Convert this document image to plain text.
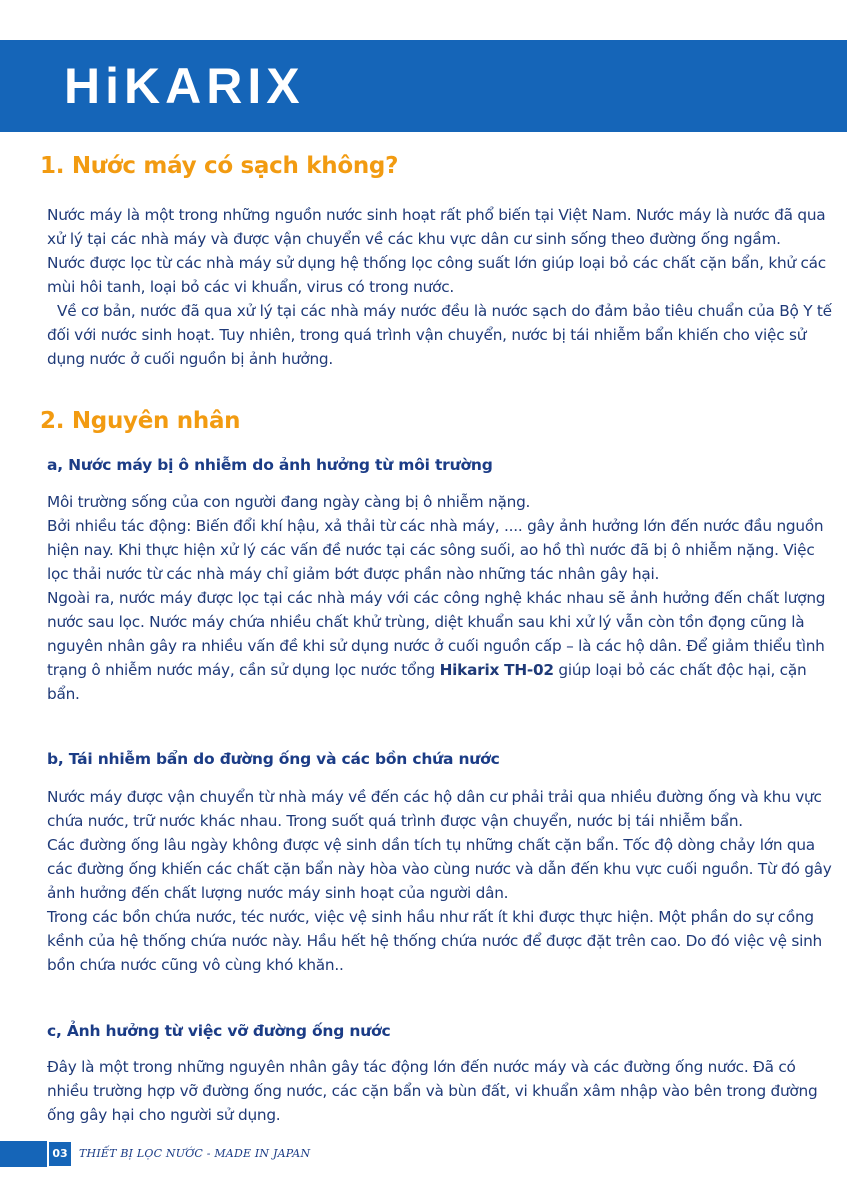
HiKARIX
1. Nước máy có sạch không?

Nước máy là một trong những nguồn nước sinh hoạt rất phổ biến tại Việt Nam. Nước máy là nước đã qua xử lý tại các nhà máy và được vận chuyển về các khu vực dân cư sinh sống theo đường ống ngầm.

Nước được lọc từ các nhà máy sử dụng hệ thống lọc công suất lớn giúp loại bỏ các chất cặn bẩn, khử các mùi hôi tanh, loại bỏ các vi khuẩn, virus có trong nước.

Về cơ bản, nước đã qua xử lý tại các nhà máy nước đều là nước sạch do đảm bảo tiêu chuẩn của Bộ Y tế đối với nước sinh hoạt. Tuy nhiên, trong quá trình vận chuyển, nước bị tái nhiễm bẩn khiến cho việc sử dụng nước ở cuối nguồn bị ảnh hưởng.

2. Nguyên nhân
a, Nước máy bị ô nhiễm do ảnh hưởng từ môi trường

Môi trường sống của con người đang ngày càng bị ô nhiễm nặng.

Bởi nhiều tác động: Biến đổi khí hậu, xả thải từ các nhà máy, .... gây ảnh hưởng lớn đến nước đầu nguồn hiện nay. Khi thực hiện xử lý các vấn đề nước tại các sông suối, ao hồ thì nước đã bị ô nhiễm nặng. Việc lọc thải nước từ các nhà máy chỉ giảm bớt được phần nào những tác nhân gây hại.

Ngoài ra, nước máy được lọc tại các nhà máy với các công nghệ khác nhau sẽ ảnh hưởng đến chất lượng nước sau lọc. Nước máy chứa nhiều chất khử trùng, diệt khuẩn sau khi xử lý vẫn còn tồn đọng cũng là nguyên nhân gây ra nhiều vấn đề khi sử dụng nước ở cuối nguồn cấp – là các hộ dân. Để giảm thiểu tình trạng ô nhiễm nước máy, cần sử dụng lọc nước tổng Hikarix TH-02 giúp loại bỏ các chất độc hại, cặn bẩn.

b, Tái nhiễm bẩn do đường ống và các bồn chứa nước

Nước máy được vận chuyển từ nhà máy về đến các hộ dân cư phải trải qua nhiều đường ống và khu vực chứa nước, trữ nước khác nhau. Trong suốt quá trình được vận chuyển, nước bị tái nhiễm bẩn.

Các đường ống lâu ngày không được vệ sinh dần tích tụ những chất cặn bẩn. Tốc độ dòng chảy lớn qua các đường ống khiến các chất cặn bẩn này hòa vào cùng nước và dẫn đến khu vực cuối nguồn. Từ đó gây ảnh hưởng đến chất lượng nước máy sinh hoạt của người dân.

Trong các bồn chứa nước, téc nước, việc vệ sinh hầu như rất ít khi được thực hiện. Một phần do sự cồng kềnh của hệ thống chứa nước này. Hầu hết hệ thống chứa nước để được đặt trên cao. Do đó việc vệ sinh bồn chứa nước cũng vô cùng khó khăn..

c, Ảnh hưởng từ việc vỡ đường ống nước

Đây là một trong những nguyên nhân gây tác động lớn đến nước máy và các đường ống nước. Đã có nhiều trường hợp vỡ đường ống nước, các cặn bẩn và bùn đất, vi khuẩn xâm nhập vào bên trong đường ống gây hại cho người sử dụng.

03	THIẾT BỊ LỌC NƯỚC - MADE IN JAPAN
